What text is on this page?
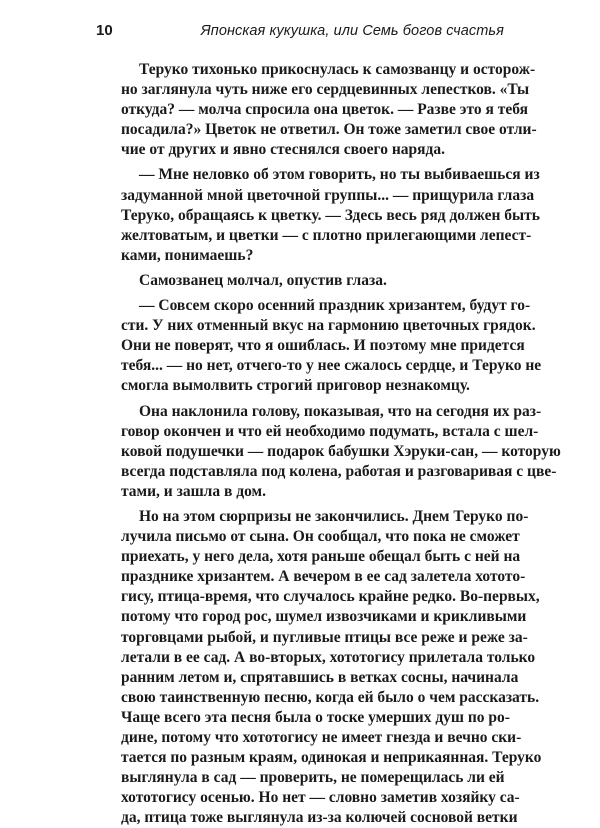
10	Японская кукушка, или Семь богов счастья

Теруко тихонько прикоснулась к самозванцу и осторож-
но заглянула чуть ниже его сердцевинных лепестков. «Ты
откуда? — молча спросила она цветок. — Разве это я тебя
посадила?» Цветок не ответил. Он тоже заметил свое отли-
чие от других и явно стеснялся своего наряда.

— Мне неловко об этом говорить, но ты выбиваешься из
задуманной мной цветочной группы... — прищурила глаза
Теруко, обращаясь к цветку. — Здесь весь ряд должен быть
желтоватым, и цветки — с плотно прилегающими лепест-
ками, понимаешь?

Самозванец молчал, опустив глаза.

— Совсем скоро осенний праздник хризантем, будут го-
сти. У них отменный вкус на гармонию цветочных грядок.
Они не поверят, что я ошиблась. И поэтому мне придется
тебя... — но нет, отчего-то у нее сжалось сердце, и Теруко не
смогла вымолвить строгий приговор незнакомцу.

Она наклонила голову, показывая, что на сегодня их раз-
говор окончен и что ей необходимо подумать, встала с шел-
ковой подушечки — подарок бабушки Хэруки-сан, — которую
всегда подставляла под колена, работая и разговаривая с цве-
тами, и зашла в дом.

Но на этом сюрпризы не закончились. Днем Теруко по-
лучила письмо от сына. Он сообщал, что пока не сможет
приехать, у него дела, хотя раньше обещал быть с ней на
празднике хризантем. А вечером в ее сад залетела хотото-
гису, птица-время, что случалось крайне редко. Во-первых,
потому что город рос, шумел извозчиками и крикливыми
торговцами рыбой, и пугливые птицы все реже и реже за-
летали в ее сад. А во-вторых, хототогису прилетала только
ранним летом и, спрятавшись в ветках сосны, начинала
свою таинственную песню, когда ей было о чем рассказать.
Чаще всего эта песня была о тоске умерших душ по ро-
дине, потому что хототогису не имеет гнезда и вечно ски-
тается по разным краям, одинокая и неприкаянная. Теруко
выглянула в сад — проверить, не померещилась ли ей
хототогису осенью. Но нет — словно заметив хозяйку са-
да, птица тоже выглянула из-за колючей сосновой ветки
